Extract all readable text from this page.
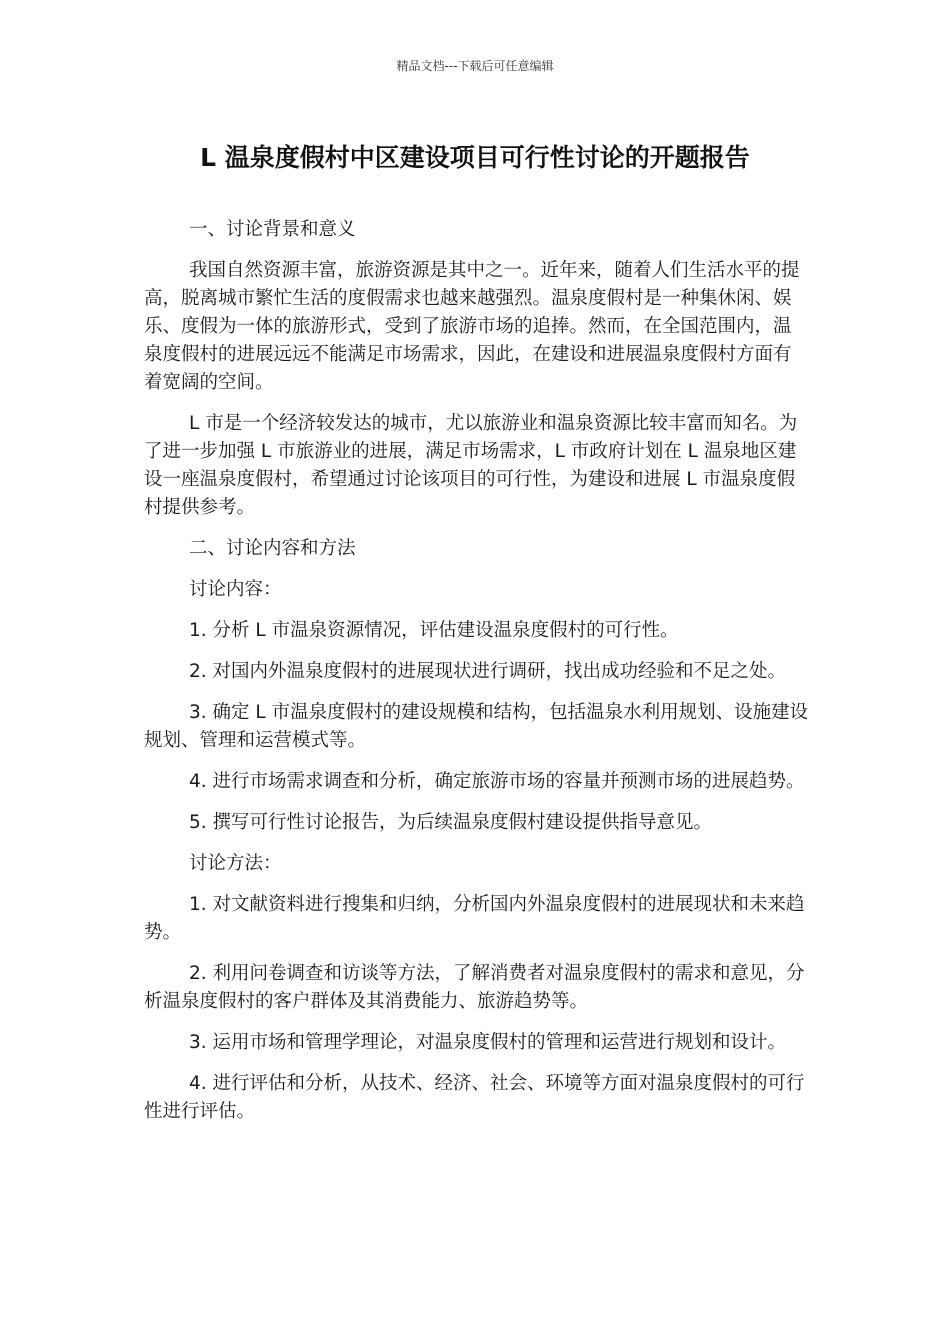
精品文档---下载后可任意编辑
L 温泉度假村中区建设项目可行性讨论的开题报告

一、讨论背景和意义

我国自然资源丰富，旅游资源是其中之一。近年来，随着人们生活水平的提高，脱离城市繁忙生活的度假需求也越来越强烈。温泉度假村是一种集休闲、娱乐、度假为一体的旅游形式，受到了旅游市场的追捧。然而，在全国范围内，温泉度假村的进展远远不能满足市场需求，因此，在建设和进展温泉度假村方面有着宽阔的空间。

L 市是一个经济较发达的城市，尤以旅游业和温泉资源比较丰富而知名。为了进一步加强 L 市旅游业的进展，满足市场需求，L 市政府计划在 L 温泉地区建设一座温泉度假村，希望通过讨论该项目的可行性，为建设和进展 L 市温泉度假村提供参考。

二、讨论内容和方法

讨论内容：

1. 分析 L 市温泉资源情况，评估建设温泉度假村的可行性。

2. 对国内外温泉度假村的进展现状进行调研，找出成功经验和不足之处。

3. 确定 L 市温泉度假村的建设规模和结构，包括温泉水利用规划、设施建设规划、管理和运营模式等。

4. 进行市场需求调查和分析，确定旅游市场的容量并预测市场的进展趋势。

5. 撰写可行性讨论报告，为后续温泉度假村建设提供指导意见。

讨论方法：

1. 对文献资料进行搜集和归纳，分析国内外温泉度假村的进展现状和未来趋势。

2. 利用问卷调查和访谈等方法，了解消费者对温泉度假村的需求和意见，分析温泉度假村的客户群体及其消费能力、旅游趋势等。

3. 运用市场和管理学理论，对温泉度假村的管理和运营进行规划和设计。

4. 进行评估和分析，从技术、经济、社会、环境等方面对温泉度假村的可行性进行评估。
